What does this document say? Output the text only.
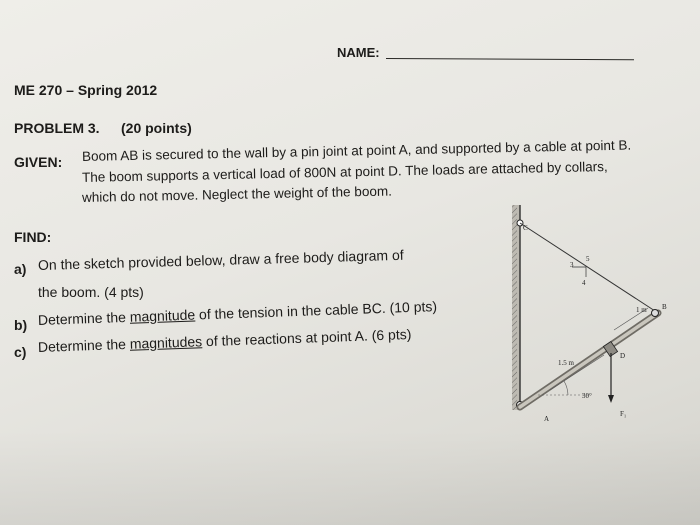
NAME:
ME 270 – Spring 2012
PROBLEM 3. (20 points)
GIVEN: Boom AB is secured to the wall by a pin joint at point A, and supported by a cable at point B.
The boom supports a vertical load of 800N at point D. The loads are attached by collars,
which do not move. Neglect the weight of the boom.
FIND:
a) On the sketch provided below, draw a free body diagram of
the boom. (4 pts)
b) Determine the magnitude of the tension in the cable BC. (10 pts)
c) Determine the magnitudes of the reactions at point A. (6 pts)
C
B
D
A
1 m
1.5 m
30°
F₁
3
4
5
